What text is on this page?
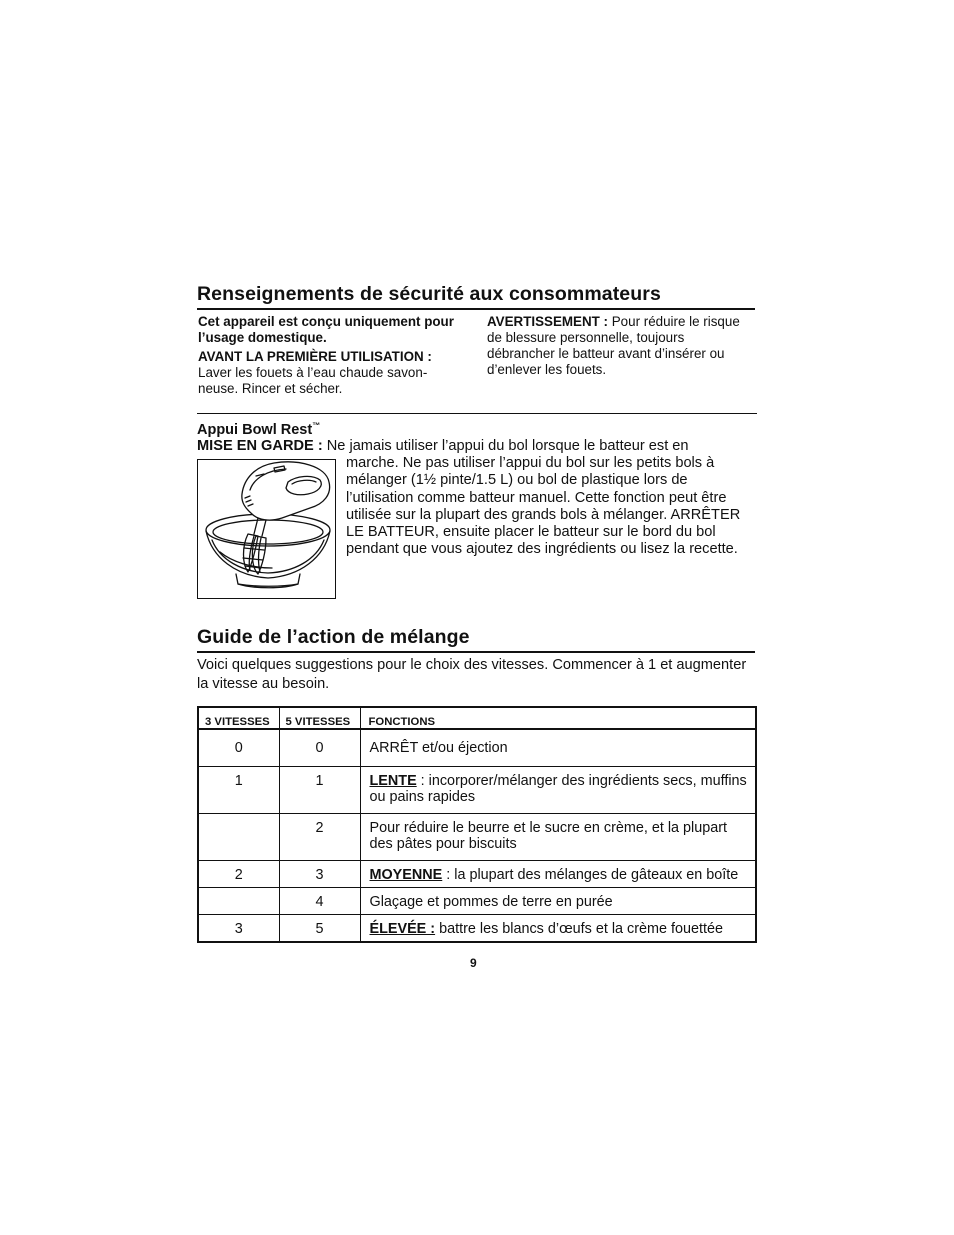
Renseignements de sécurité aux consommateurs

Cet appareil est conçu uniquement pour l’usage domestique.

AVANT LA PREMIÈRE UTILISATION :

Laver les fouets à l’eau chaude savon-

neuse. Rincer et sécher.

AVERTISSEMENT : Pour réduire le risque

de blessure personnelle, toujours

débrancher le batteur avant d’insérer ou

d’enlever les fouets.

Appui Bowl Rest™
MISE EN GARDE : Ne jamais utiliser l’appui du bol lorsque le batteur est en
marche. Ne pas utiliser l’appui du bol sur les petits bols à mélanger (1½ pinte/1.5 L) ou bol de plastique lors de l’utilisation comme batteur manuel. Cette fonction peut être utilisée sur la plupart des grands bols à mélanger. ARRÊTER LE BATTEUR, ensuite placer le batteur sur le bord du bol pendant que vous ajoutez des ingrédients ou lisez la recette.
Guide de l’action de mélange
Voici quelques suggestions pour le choix des vitesses. Commencer à 1 et augmenter la vitesse au besoin.
3 VITESSES	5 VITESSES	FONCTIONS
0	0	ARRÊT et/ou éjection
1	1	LENTE : incorporer/mélanger des ingrédients secs, muffins ou pains rapides
	2	Pour réduire le beurre et le sucre en crème, et la plupart des pâtes pour biscuits
2	3	MOYENNE : la plupart des mélanges de gâteaux en boîte
	4	Glaçage et pommes de terre en purée
3	5	ÉLEVÉE : battre les blancs d’œufs et la crème fouettée
9
